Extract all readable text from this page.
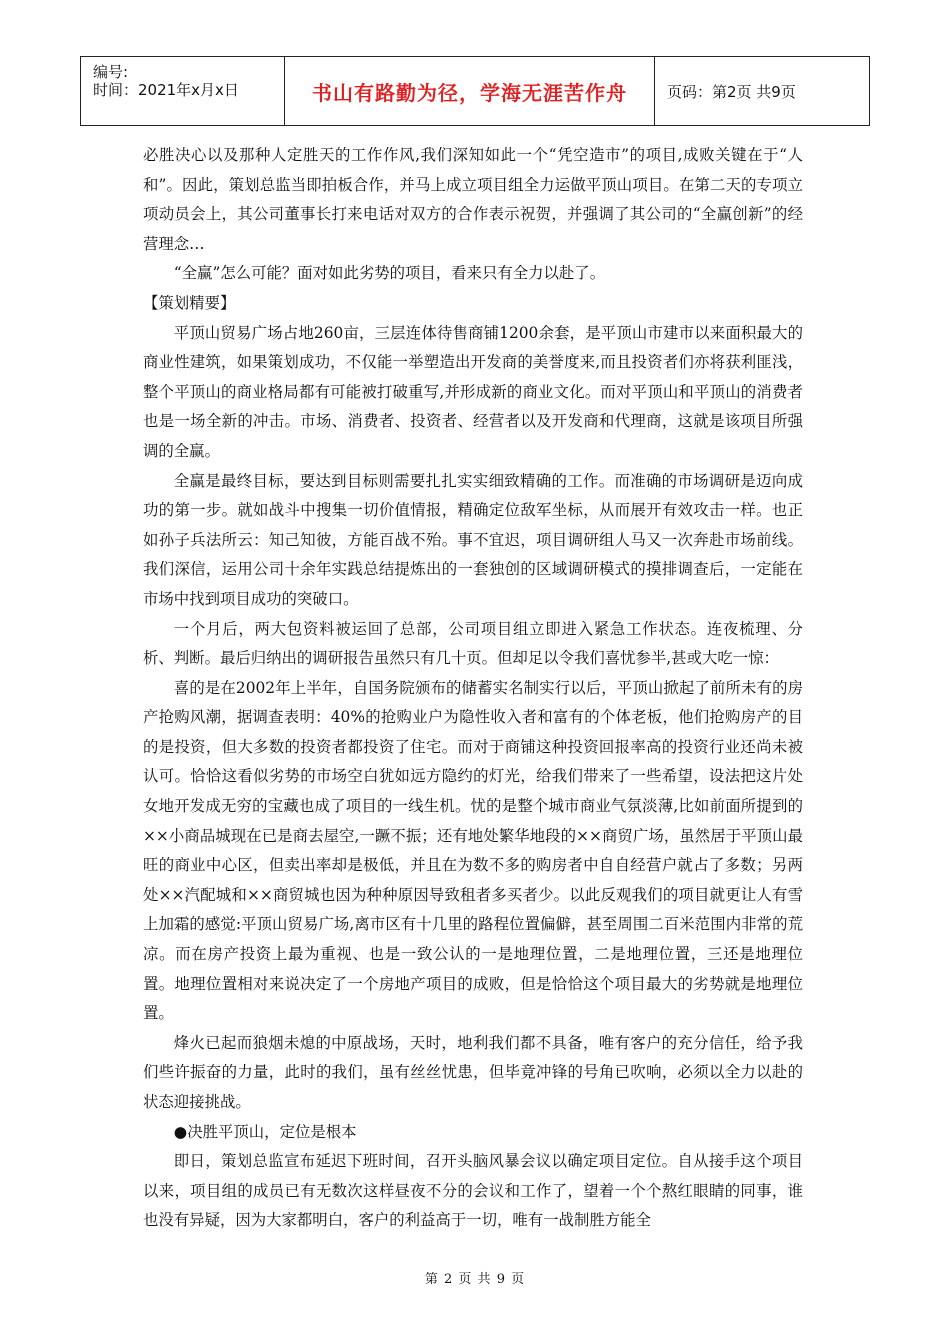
编号:
时间：2021年x月x日	书山有路勤为径，学海无涯苦作舟	页码：第2页 共9页

必胜决心以及那种人定胜天的工作作风,我们深知如此一个“凭空造市”的项目,成败关键在于“人和”。因此，策划总监当即拍板合作，并马上成立项目组全力运做平顶山项目。在第二天的专项立项动员会上，其公司董事长打来电话对双方的合作表示祝贺，并强调了其公司的“全赢创新”的经营理念…

“全赢”怎么可能？面对如此劣势的项目，看来只有全力以赴了。

【策划精要】

平顶山贸易广场占地260亩，三层连体待售商铺1200余套，是平顶山市建市以来面积最大的商业性建筑，如果策划成功，不仅能一举塑造出开发商的美誉度来,而且投资者们亦将获利匪浅，整个平顶山的商业格局都有可能被打破重写,并形成新的商业文化。而对平顶山和平顶山的消费者也是一场全新的冲击。市场、消费者、投资者、经营者以及开发商和代理商，这就是该项目所强调的全赢。

全赢是最终目标，要达到目标则需要扎扎实实细致精确的工作。而准确的市场调研是迈向成功的第一步。就如战斗中搜集一切价值情报，精确定位敌军坐标，从而展开有效攻击一样。也正如孙子兵法所云：知己知彼，方能百战不殆。事不宜迟，项目调研组人马又一次奔赴市场前线。我们深信，运用公司十余年实践总结提炼出的一套独创的区域调研模式的摸排调查后，一定能在市场中找到项目成功的突破口。

一个月后，两大包资料被运回了总部，公司项目组立即进入紧急工作状态。连夜梳理、分析、判断。最后归纳出的调研报告虽然只有几十页。但却足以令我们喜忧参半,甚或大吃一惊：

喜的是在2002年上半年，自国务院颁布的储蓄实名制实行以后，平顶山掀起了前所未有的房产抢购风潮，据调查表明：40%的抢购业户为隐性收入者和富有的个体老板，他们抢购房产的目的是投资，但大多数的投资者都投资了住宅。而对于商铺这种投资回报率高的投资行业还尚未被认可。恰恰这看似劣势的市场空白犹如远方隐约的灯光，给我们带来了一些希望，设法把这片处女地开发成无穷的宝藏也成了项目的一线生机。忧的是整个城市商业气氛淡薄,比如前面所提到的××小商品城现在已是商去屋空,一蹶不振；还有地处繁华地段的××商贸广场，虽然居于平顶山最旺的商业中心区，但卖出率却是极低，并且在为数不多的购房者中自自经营户就占了多数；另两处××汽配城和××商贸城也因为种种原因导致租者多买者少。以此反观我们的项目就更让人有雪上加霜的感觉:平顶山贸易广场,离市区有十几里的路程位置偏僻，甚至周围二百米范围内非常的荒凉。而在房产投资上最为重视、也是一致公认的一是地理位置，二是地理位置，三还是地理位置。地理位置相对来说决定了一个房地产项目的成败，但是恰恰这个项目最大的劣势就是地理位置。

烽火已起而狼烟未熄的中原战场，天时，地利我们都不具备，唯有客户的充分信任，给予我们些许振奋的力量，此时的我们，虽有丝丝忧患，但毕竟冲锋的号角已吹响，必须以全力以赴的状态迎接挑战。

●决胜平顶山，定位是根本

即日，策划总监宣布延迟下班时间，召开头脑风暴会议以确定项目定位。自从接手这个项目以来，项目组的成员已有无数次这样昼夜不分的会议和工作了，望着一个个熬红眼睛的同事，谁也没有异疑，因为大家都明白，客户的利益高于一切，唯有一战制胜方能全

第 2 页 共 9 页
